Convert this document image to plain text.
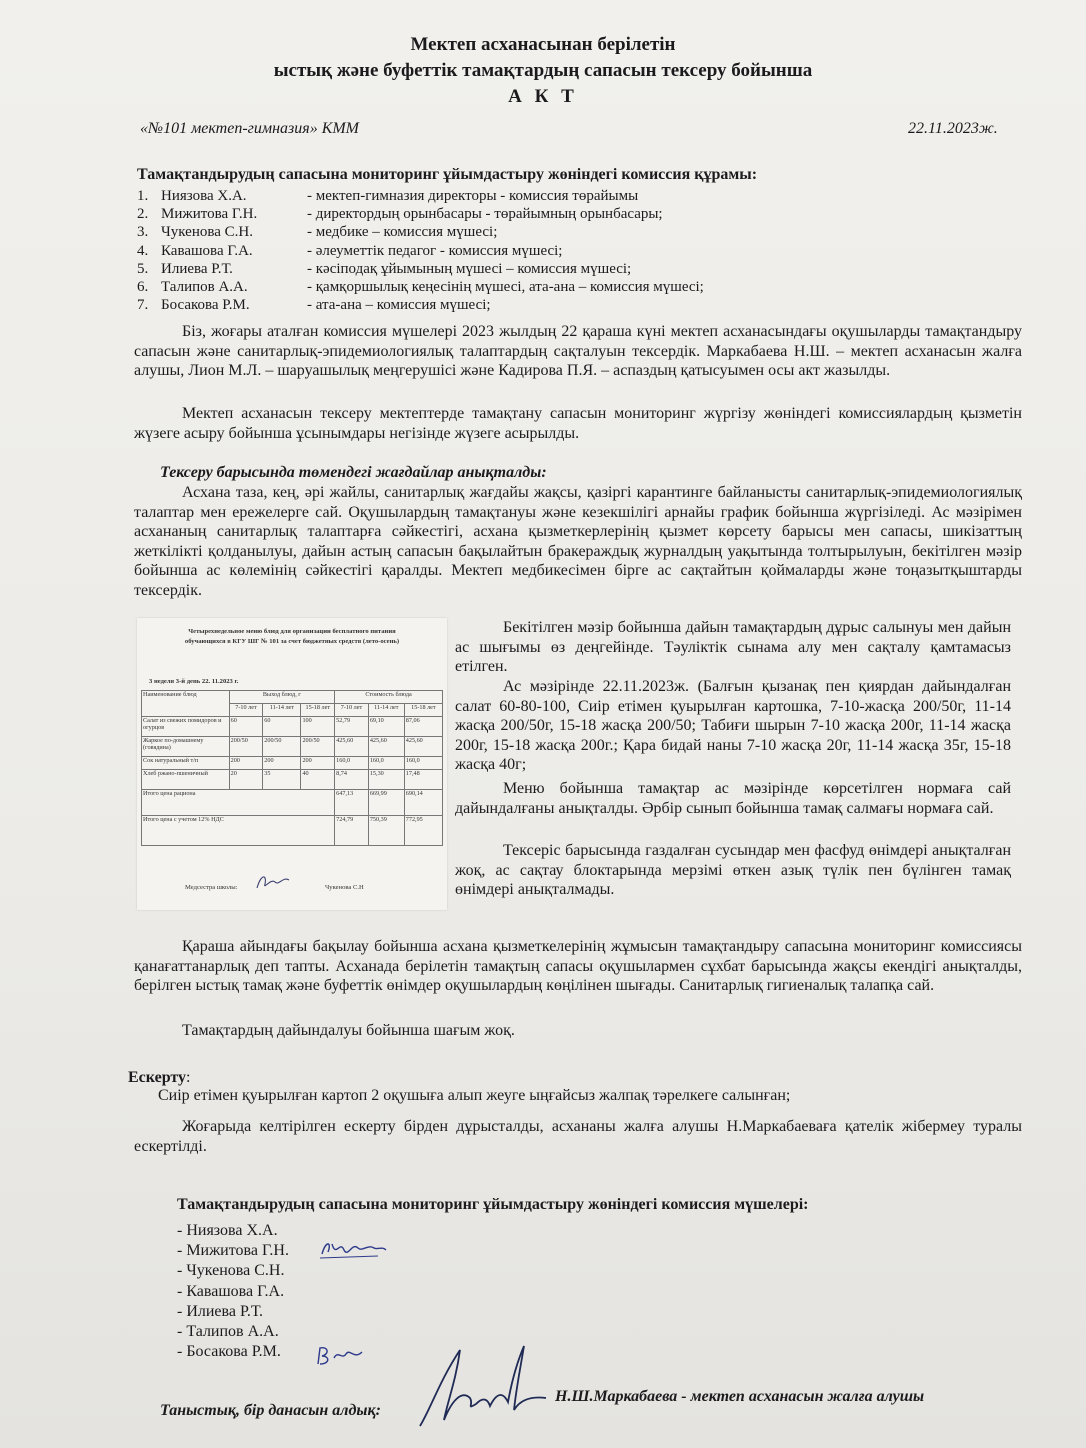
Мектеп асханасынан берілетін
ыстық және буфеттік тамақтардың сапасын тексеру бойынша
А К Т
«№101 мектеп-гимназия» КММ	22.11.2023ж.
Тамақтандырудың сапасына мониторинг ұйымдастыру жөніндегі комиссия құрамы:
1. Ниязова Х.А.	- мектеп-гимназия директоры - комиссия төрайымы
2. Мижитова Г.Н.	- директордың орынбасары - төрайымның орынбасары;
3. Чукенова С.Н.	- медбике – комиссия мүшесі;
4. Кавашова Г.А.	- әлеуметтік педагог - комиссия мүшесі;
5. Илиева Р.Т.	- кәсіподақ ұйымының мүшесі – комиссия мүшесі;
6. Талипов А.А.	- қамқоршылық кеңесінің мүшесі, ата-ана – комиссия мүшесі;
7. Босакова Р.М.	- ата-ана – комиссия мүшесі;
Біз, жоғары аталған комиссия мүшелері 2023 жылдың 22 қараша күні мектеп асханасындағы оқушыларды тамақтандыру сапасын және санитарлық-эпидемиологиялық талаптардың сақталуын тексердік. Маркабаева Н.Ш. – мектеп асханасын жалға алушы, Лион М.Л. – шаруашылық меңгерушісі және Кадирова П.Я. – аспаздың қатысуымен осы акт жазылды.
Мектеп асханасын тексеру мектептерде тамақтану сапасын мониторинг жүргізу жөніндегі комиссиялардың қызметін жүзеге асыру бойынша ұсынымдары негізінде жүзеге асырылды.
Тексеру барысында төмендегі жағдайлар анықталды:
Асхана таза, кең, әрі жайлы, санитарлық жағдайы жақсы, қазіргі карантинге байланысты санитарлық-эпидемиологиялық талаптар мен ережелерге сай. Оқушылардың тамақтануы және кезекшілігі арнайы график бойынша жүргізіледі. Ас мәзірімен асхананың санитарлық талаптарға сәйкестігі, асхана қызметкерлерінің қызмет көрсету барысы мен сапасы, шикізаттың жеткілікті қолданылуы, дайын астың сапасын бақылайтын бракераждық журналдың уақытында толтырылуын, бекітілген мәзір бойынша ас көлемінің сәйкестігі қаралды. Мектеп медбикесімен бірге ас сақтайтын қоймаларды және тоңазытқыштарды тексердік.
Четырехнедельное меню блюд для организации бесплатного питания
обучающихся в КГУ ШГ № 101 за счет бюджетных средств (лето-осень)
3 неделя 3-й день 22. 11.2023 г.
Наименование блюд	Выход блюд, г			Стоимость блюда		
	7-10 лет	11-14 лет	15-18 лет	7-10 лет	11-14 лет	15-18 лет
Салат из свежих помидоров и огурцов	60	60	100	52,79	69,10	87,06
Жаркое по-домашнему (говядина)	200/50	200/50	200/50	425,60	425,60	425,60
Сок натуральный т/п	200	200	200	160,0	160,0	160,0
Хлеб ржано-пшеничный	20	35	40	8,74	15,30	17,48
Итого цена рациона				647,13	669,99	690,14
Итого цена с учетом 12% НДС				724,79	750,39	772,95
Медсестра школы:	Чукенова С.Н
Бекітілген мәзір бойынша дайын тамақтардың дұрыс салынуы мен дайын ас шығымы өз деңгейінде. Тәуліктік сынама алу мен сақталу қамтамасыз етілген.
Ас мәзірінде 22.11.2023ж. (Балғын қызанақ пен қиярдан дайындалған салат 60-80-100, Сиір етімен қуырылған картошка, 7-10-жасқа 200/50г, 11-14 жасқа 200/50г, 15-18 жасқа 200/50; Табиғи шырын 7-10 жасқа 200г, 11-14 жасқа 200г, 15-18 жасқа 200г.; Қара бидай наны 7-10 жасқа 20г, 11-14 жасқа 35г, 15-18 жасқа 40г;
Меню бойынша тамақтар ас мәзірінде көрсетілген нормаға сай дайындалғаны анықталды. Әрбір сынып бойынша тамақ салмағы нормаға сай.
Тексеріс барысында газдалған сусындар мен фасфуд өнімдері анықталған жоқ, ас сақтау блоктарында мерзімі өткен азық түлік пен бүлінген тамақ өнімдері анықталмады.
Қараша айындағы бақылау бойынша асхана қызметкелерінің жұмысын тамақтандыру сапасына мониторинг комиссиясы қанағаттанарлық деп тапты. Асханада берілетін тамақтың сапасы оқушылармен сұхбат барысында жақсы екендігі анықталды, берілген ыстық тамақ және буфеттік өнімдер оқушылардың көңілінен шығады. Санитарлық гигиеналық талапқа сай.
Тамақтардың дайындалуы бойынша шағым жоқ.
Ескерту:
Сиір етімен қуырылған картоп 2 оқушыға алып жеуге ыңғайсыз жалпақ тәрелкеге салынған;
Жоғарыда келтірілген ескерту бірден дұрысталды, асхананы жалға алушы Н.Маркабаеваға қателік жібермеу туралы ескертілді.
Тамақтандырудың сапасына мониторинг ұйымдастыру жөніндегі комиссия мүшелері:
- Ниязова Х.А.
- Мижитова Г.Н.
- Чукенова С.Н.
- Кавашова Г.А.
- Илиева Р.Т.
- Талипов А.А.
- Босакова Р.М.
Таныстық, бір данасын алдық:
Н.Ш.Маркабаева - мектеп асханасын жалға алушы
